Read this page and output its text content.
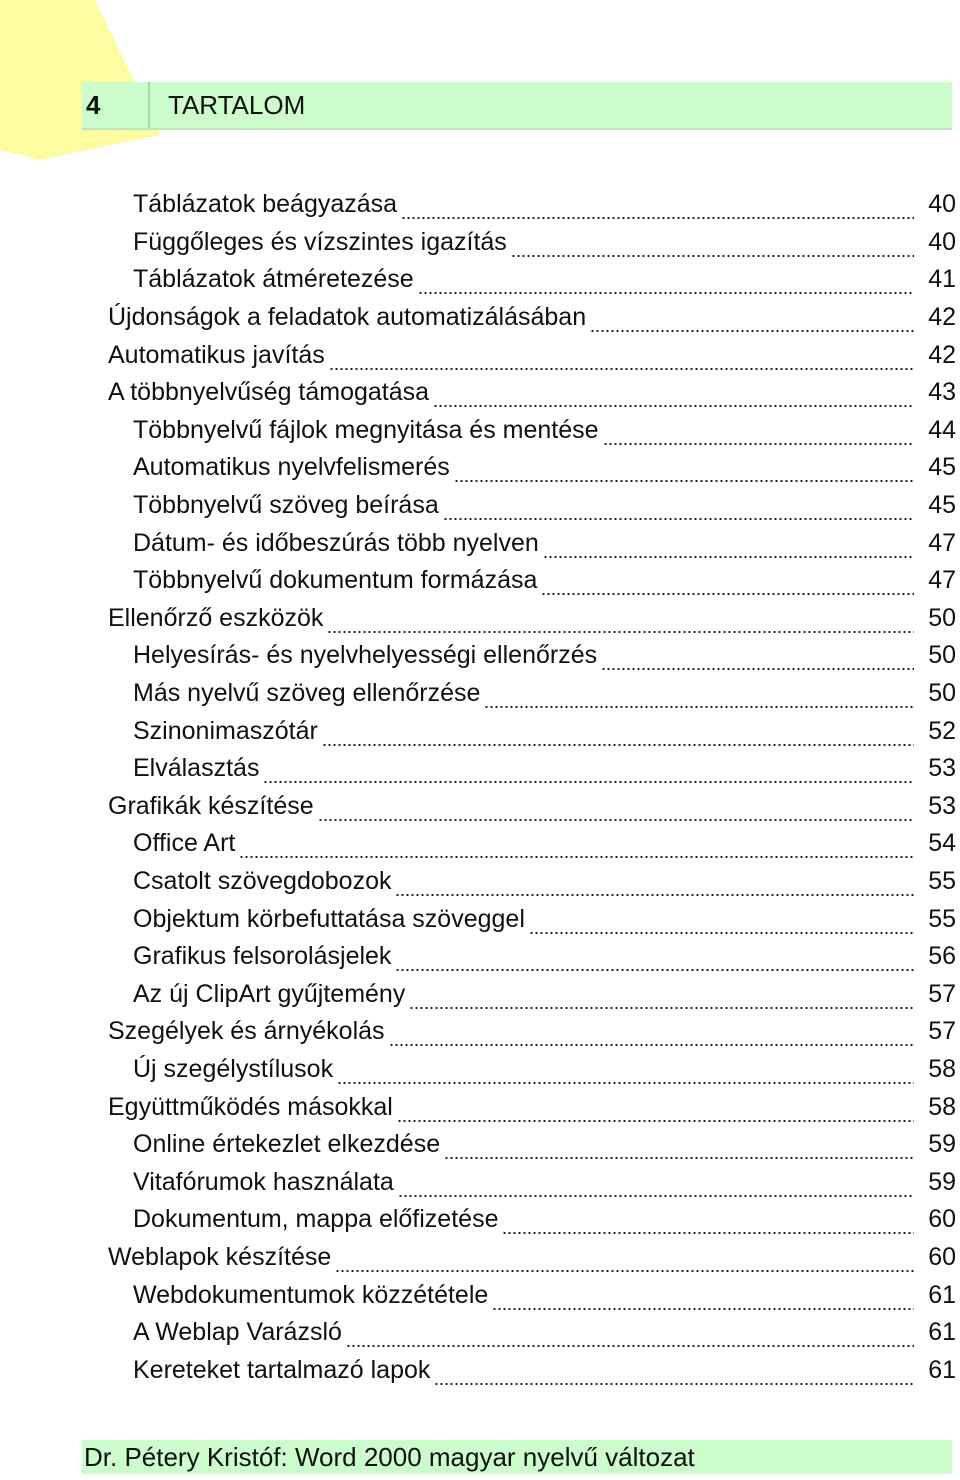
4	TARTALOM
Táblázatok beágyazása	40
Függőleges és vízszintes igazítás	40
Táblázatok átméretezése	41
Újdonságok a feladatok automatizálásában	42
Automatikus javítás	42
A többnyelvűség támogatása	43
Többnyelvű fájlok megnyitása és mentése	44
Automatikus nyelvfelismerés	45
Többnyelvű szöveg beírása	45
Dátum- és időbeszúrás több nyelven	47
Többnyelvű dokumentum formázása	47
Ellenőrző eszközök	50
Helyesírás- és nyelvhelyességi ellenőrzés	50
Más nyelvű szöveg ellenőrzése	50
Szinonimaszótár	52
Elválasztás	53
Grafikák készítése	53
Office Art	54
Csatolt szövegdobozok	55
Objektum körbefuttatása szöveggel	55
Grafikus felsorolásjelek	56
Az új ClipArt gyűjtemény	57
Szegélyek és árnyékolás	57
Új szegélystílusok	58
Együttműködés másokkal	58
Online értekezlet elkezdése	59
Vitafórumok használata	59
Dokumentum, mappa előfizetése	60
Weblapok készítése	60
Webdokumentumok közzététele	61
A Weblap Varázsló	61
Kereteket tartalmazó lapok	61
Dr. Pétery Kristóf: Word 2000 magyar nyelvű változat
